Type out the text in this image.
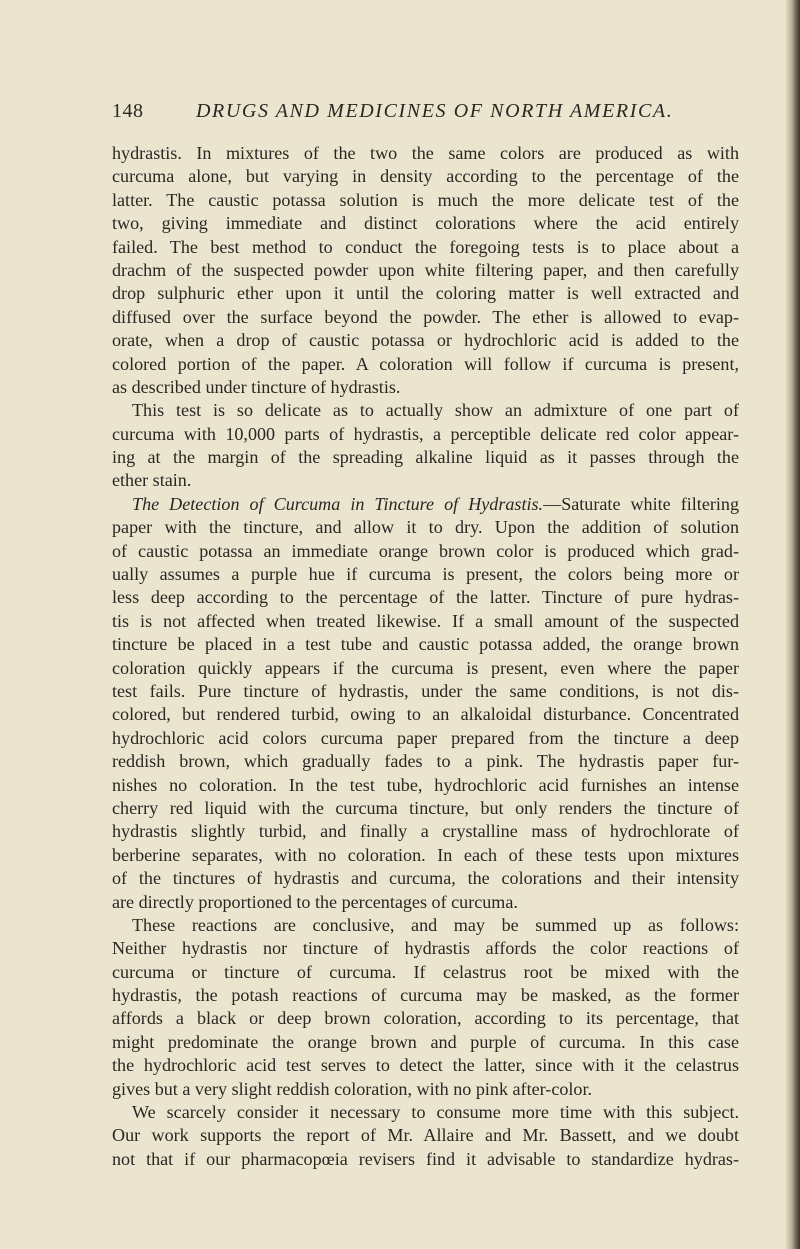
148	DRUGS AND MEDICINES OF NORTH AMERICA.
hydrastis. In mixtures of the two the same colors are produced as with
curcuma alone, but varying in density according to the percentage of the
latter. The caustic potassa solution is much the more delicate test of the
two, giving immediate and distinct colorations where the acid entirely
failed. The best method to conduct the foregoing tests is to place about a
drachm of the suspected powder upon white filtering paper, and then carefully
drop sulphuric ether upon it until the coloring matter is well extracted and
diffused over the surface beyond the powder. The ether is allowed to evap-
orate, when a drop of caustic potassa or hydrochloric acid is added to the
colored portion of the paper. A coloration will follow if curcuma is present,
as described under tincture of hydrastis.
This test is so delicate as to actually show an admixture of one part of
curcuma with 10,000 parts of hydrastis, a perceptible delicate red color appear-
ing at the margin of the spreading alkaline liquid as it passes through the
ether stain.
The Detection of Curcuma in Tincture of Hydrastis.—Saturate white filtering
paper with the tincture, and allow it to dry. Upon the addition of solution
of caustic potassa an immediate orange brown color is produced which grad-
ually assumes a purple hue if curcuma is present, the colors being more or
less deep according to the percentage of the latter. Tincture of pure hydras-
tis is not affected when treated likewise. If a small amount of the suspected
tincture be placed in a test tube and caustic potassa added, the orange brown
coloration quickly appears if the curcuma is present, even where the paper
test fails. Pure tincture of hydrastis, under the same conditions, is not dis-
colored, but rendered turbid, owing to an alkaloidal disturbance. Concentrated
hydrochloric acid colors curcuma paper prepared from the tincture a deep
reddish brown, which gradually fades to a pink. The hydrastis paper fur-
nishes no coloration. In the test tube, hydrochloric acid furnishes an intense
cherry red liquid with the curcuma tincture, but only renders the tincture of
hydrastis slightly turbid, and finally a crystalline mass of hydrochlorate of
berberine separates, with no coloration. In each of these tests upon mixtures
of the tinctures of hydrastis and curcuma, the colorations and their intensity
are directly proportioned to the percentages of curcuma.
These reactions are conclusive, and may be summed up as follows:
Neither hydrastis nor tincture of hydrastis affords the color reactions of
curcuma or tincture of curcuma. If celastrus root be mixed with the
hydrastis, the potash reactions of curcuma may be masked, as the former
affords a black or deep brown coloration, according to its percentage, that
might predominate the orange brown and purple of curcuma. In this case
the hydrochloric acid test serves to detect the latter, since with it the celastrus
gives but a very slight reddish coloration, with no pink after-color.
We scarcely consider it necessary to consume more time with this subject.
Our work supports the report of Mr. Allaire and Mr. Bassett, and we doubt
not that if our pharmacopœia revisers find it advisable to standardize hydras-
